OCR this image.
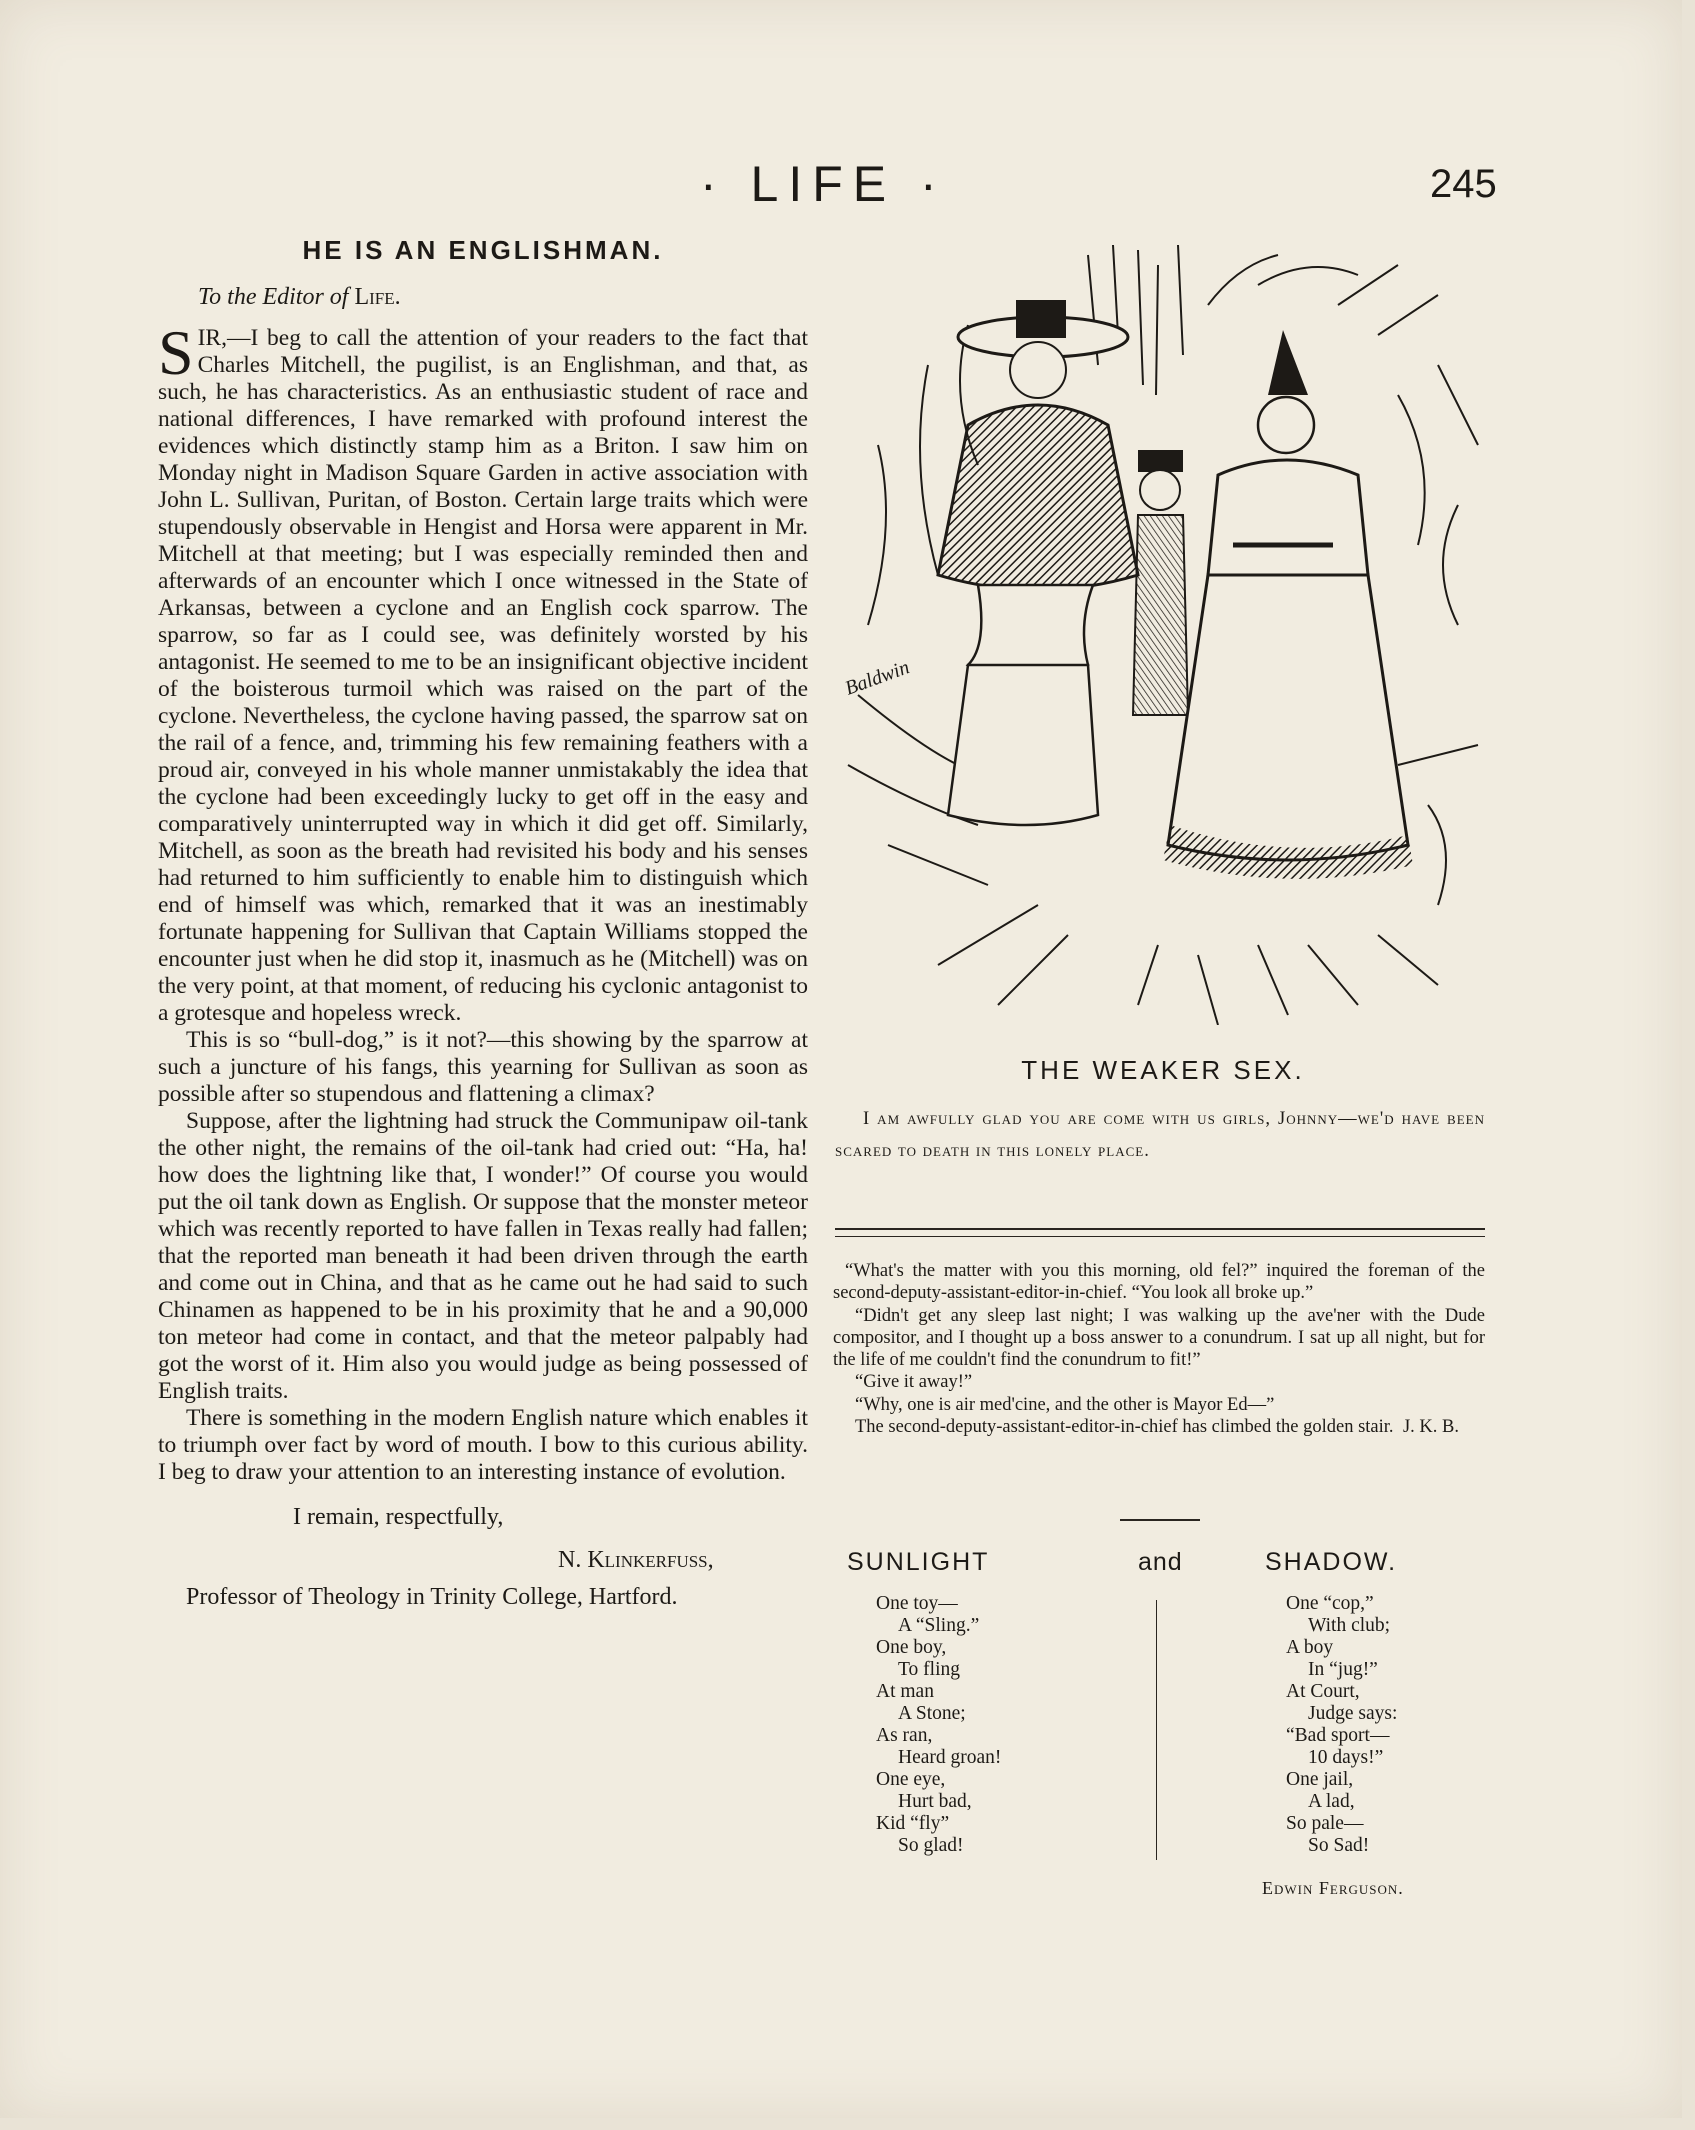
· LIFE ·	245
HE IS AN ENGLISHMAN.
To the Editor of Life.

SIR,—I beg to call the attention of your readers to the fact that Charles Mitchell, the pugilist, is an Englishman, and that, as such, he has characteristics. As an enthusiastic student of race and national differences, I have remarked with profound interest the evidences which distinctly stamp him as a Briton. I saw him on Monday night in Madison Square Garden in active association with John L. Sullivan, Puritan, of Boston. Certain large traits which were stupendously observable in Hengist and Horsa were apparent in Mr. Mitchell at that meeting; but I was especially reminded then and afterwards of an encounter which I once witnessed in the State of Arkansas, between a cyclone and an English cock sparrow. The sparrow, so far as I could see, was definitely worsted by his antagonist. He seemed to me to be an insignificant objective incident of the boisterous turmoil which was raised on the part of the cyclone. Nevertheless, the cyclone having passed, the sparrow sat on the rail of a fence, and, trimming his few remaining feathers with a proud air, conveyed in his whole manner unmistakably the idea that the cyclone had been exceedingly lucky to get off in the easy and comparatively uninterrupted way in which it did get off. Similarly, Mitchell, as soon as the breath had revisited his body and his senses had returned to him sufficiently to enable him to distinguish which end of himself was which, remarked that it was an inestimably fortunate happening for Sullivan that Captain Williams stopped the encounter just when he did stop it, inasmuch as he (Mitchell) was on the very point, at that moment, of reducing his cyclonic antagonist to a grotesque and hopeless wreck.

This is so “bull-dog,” is it not?—this showing by the sparrow at such a juncture of his fangs, this yearning for Sullivan as soon as possible after so stupendous and flattening a climax?

Suppose, after the lightning had struck the Communipaw oil-tank the other night, the remains of the oil-tank had cried out: “Ha, ha! how does the lightning like that, I wonder!” Of course you would put the oil tank down as English. Or suppose that the monster meteor which was recently reported to have fallen in Texas really had fallen; that the reported man beneath it had been driven through the earth and come out in China, and that as he came out he had said to such Chinamen as happened to be in his proximity that he and a 90,000 ton meteor had come in contact, and that the meteor palpably had got the worst of it. Him also you would judge as being possessed of English traits.

There is something in the modern English nature which enables it to triumph over fact by word of mouth. I bow to this curious ability. I beg to draw your attention to an interesting instance of evolution.

I remain, respectfully,
N. Klinkerfuss,
Professor of Theology in Trinity College, Hartford.
Baldwin
THE WEAKER SEX.
I am awfully glad you are come with us girls, Johnny—we'd have been scared to death in this lonely place.

“What's the matter with you this morning, old fel?” inquired the foreman of the second-deputy-assistant-editor-in-chief. “You look all broke up.”

“Didn't get any sleep last night; I was walking up the ave'ner with the Dude compositor, and I thought up a boss answer to a conundrum. I sat up all night, but for the life of me couldn't find the conundrum to fit!”

“Give it away!”

“Why, one is air med'cine, and the other is Mayor Ed—”

The second-deputy-assistant-editor-in-chief has climbed the golden stair. J. K. B.
SUNLIGHT	and	SHADOW.
One toy—
A “Sling.”
One boy,
To fling
At man
A Stone;
As ran,
Heard groan!
One eye,
Hurt bad,
Kid “fly”
So glad!
One “cop,”
With club;
A boy
In “jug!”
At Court,
Judge says:
“Bad sport—
10 days!”
One jail,
A lad,
So pale—
So Sad!
Edwin Ferguson.
